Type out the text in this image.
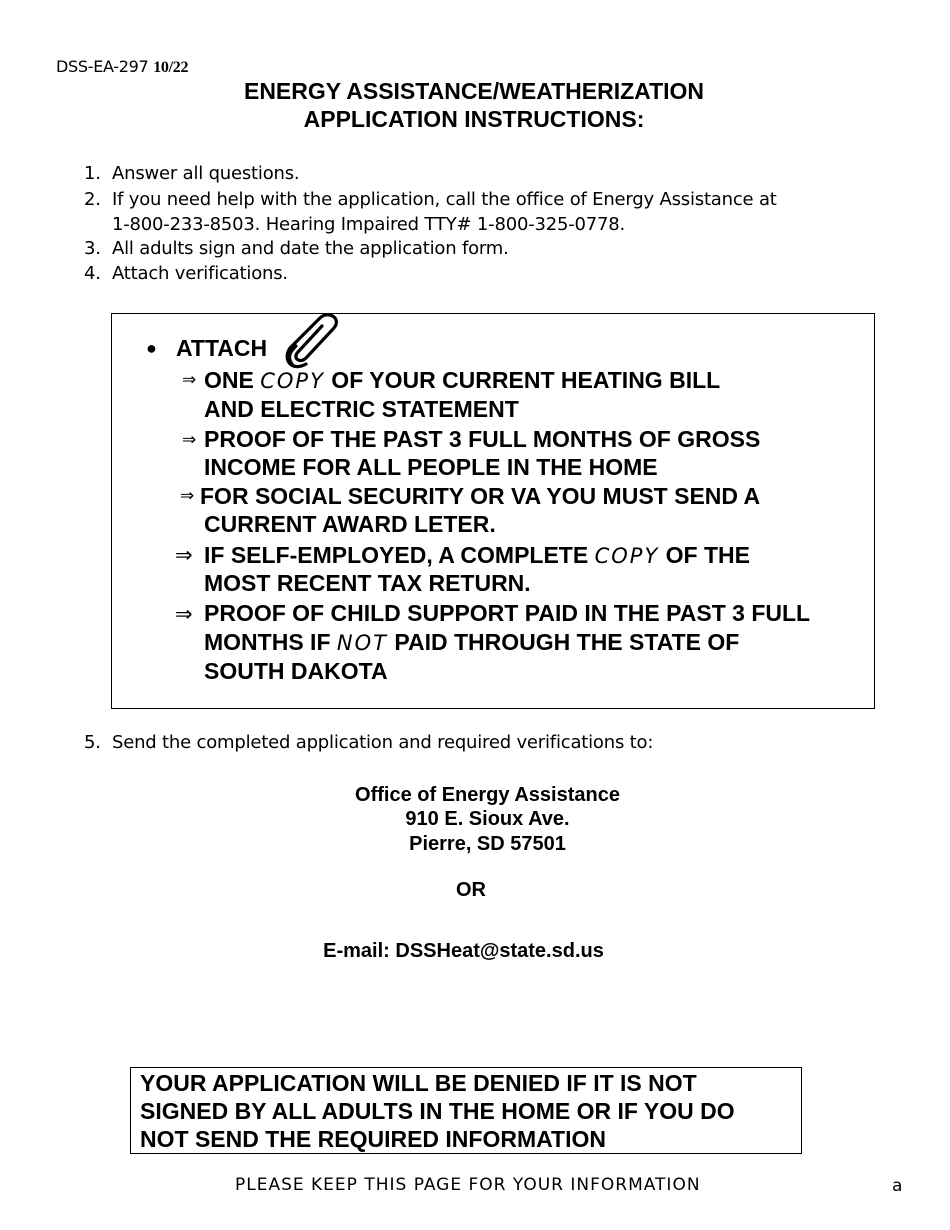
DSS-EA-297 10/22
ENERGY ASSISTANCE/WEATHERIZATION
APPLICATION INSTRUCTIONS:
1. Answer all questions.
2. If you need help with the application, call the office of Energy Assistance at
1-800-233-8503. Hearing Impaired TTY# 1-800-325-0778.
3. All adults sign and date the application form.
4. Attach verifications.
● ATTACH
⇒ ONE COPY OF YOUR CURRENT HEATING BILL
AND ELECTRIC STATEMENT
⇒ PROOF OF THE PAST 3 FULL MONTHS OF GROSS
INCOME FOR ALL PEOPLE IN THE HOME
⇒ FOR SOCIAL SECURITY OR VA YOU MUST SEND A
CURRENT AWARD LETER.
⇒ IF SELF-EMPLOYED, A COMPLETE COPY OF THE
MOST RECENT TAX RETURN.
⇒ PROOF OF CHILD SUPPORT PAID IN THE PAST 3 FULL
MONTHS IF NOT PAID THROUGH THE STATE OF
SOUTH DAKOTA
5. Send the completed application and required verifications to:
Office of Energy Assistance
910 E. Sioux Ave.
Pierre, SD 57501
OR
E-mail: DSSHeat@state.sd.us
YOUR APPLICATION WILL BE DENIED IF IT IS NOT
SIGNED BY ALL ADULTS IN THE HOME OR IF YOU DO
NOT SEND THE REQUIRED INFORMATION
PLEASE KEEP THIS PAGE FOR YOUR INFORMATION	a
